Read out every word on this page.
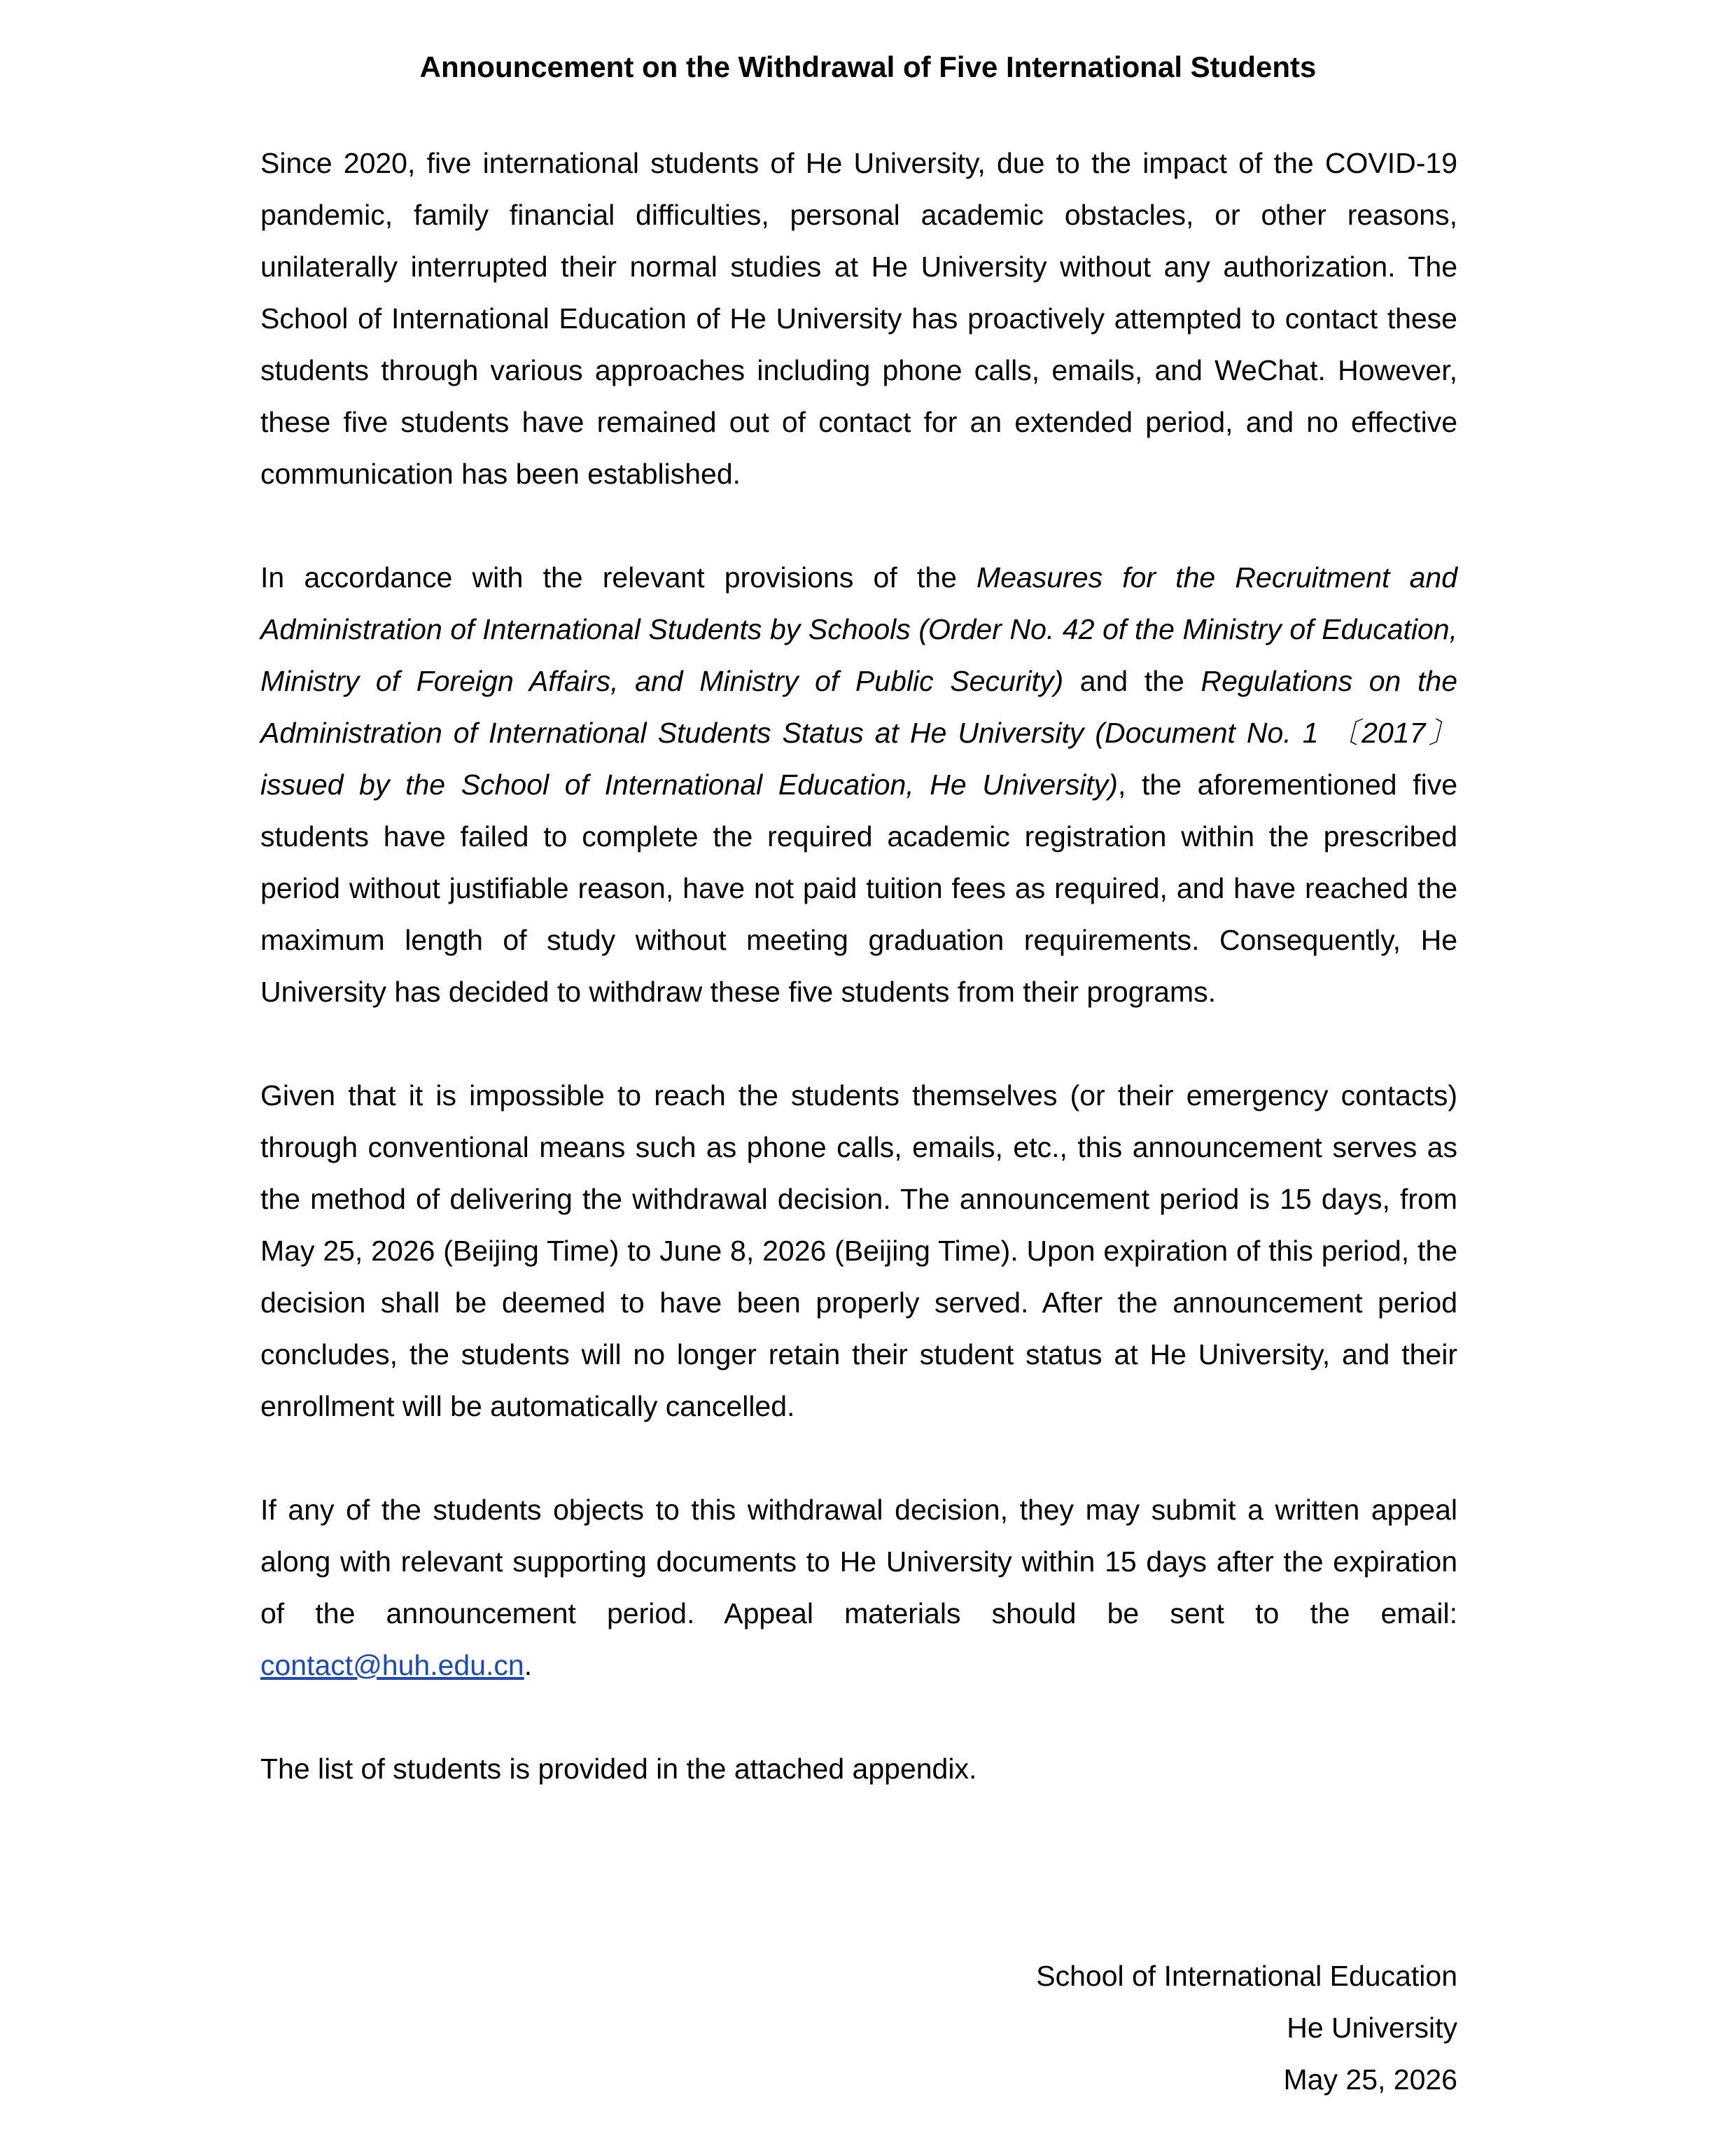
Announcement on the Withdrawal of Five International Students

Since 2020, five international students of He University, due to the impact of the COVID-19 pandemic, family financial difficulties, personal academic obstacles, or other reasons, unilaterally interrupted their normal studies at He University without any authorization. The School of International Education of He University has proactively attempted to contact these students through various approaches including phone calls, emails, and WeChat. However, these five students have remained out of contact for an extended period, and no effective communication has been established.

In accordance with the relevant provisions of the Measures for the Recruitment and Administration of International Students by Schools (Order No. 42 of the Ministry of Education, Ministry of Foreign Affairs, and Ministry of Public Security) and the Regulations on the Administration of International Students Status at He University (Document No. 1 〔2017〕 issued by the School of International Education, He University), the aforementioned five students have failed to complete the required academic registration within the prescribed period without justifiable reason, have not paid tuition fees as required, and have reached the maximum length of study without meeting graduation requirements. Consequently, He University has decided to withdraw these five students from their programs.

Given that it is impossible to reach the students themselves (or their emergency contacts) through conventional means such as phone calls, emails, etc., this announcement serves as the method of delivering the withdrawal decision. The announcement period is 15 days, from May 25, 2026 (Beijing Time) to June 8, 2026 (Beijing Time). Upon expiration of this period, the decision shall be deemed to have been properly served. After the announcement period concludes, the students will no longer retain their student status at He University, and their enrollment will be automatically cancelled.

If any of the students objects to this withdrawal decision, they may submit a written appeal along with relevant supporting documents to He University within 15 days after the expiration of the announcement period. Appeal materials should be sent to the email: contact@huh.edu.cn.

The list of students is provided in the attached appendix.

School of International Education
He University
May 25, 2026
